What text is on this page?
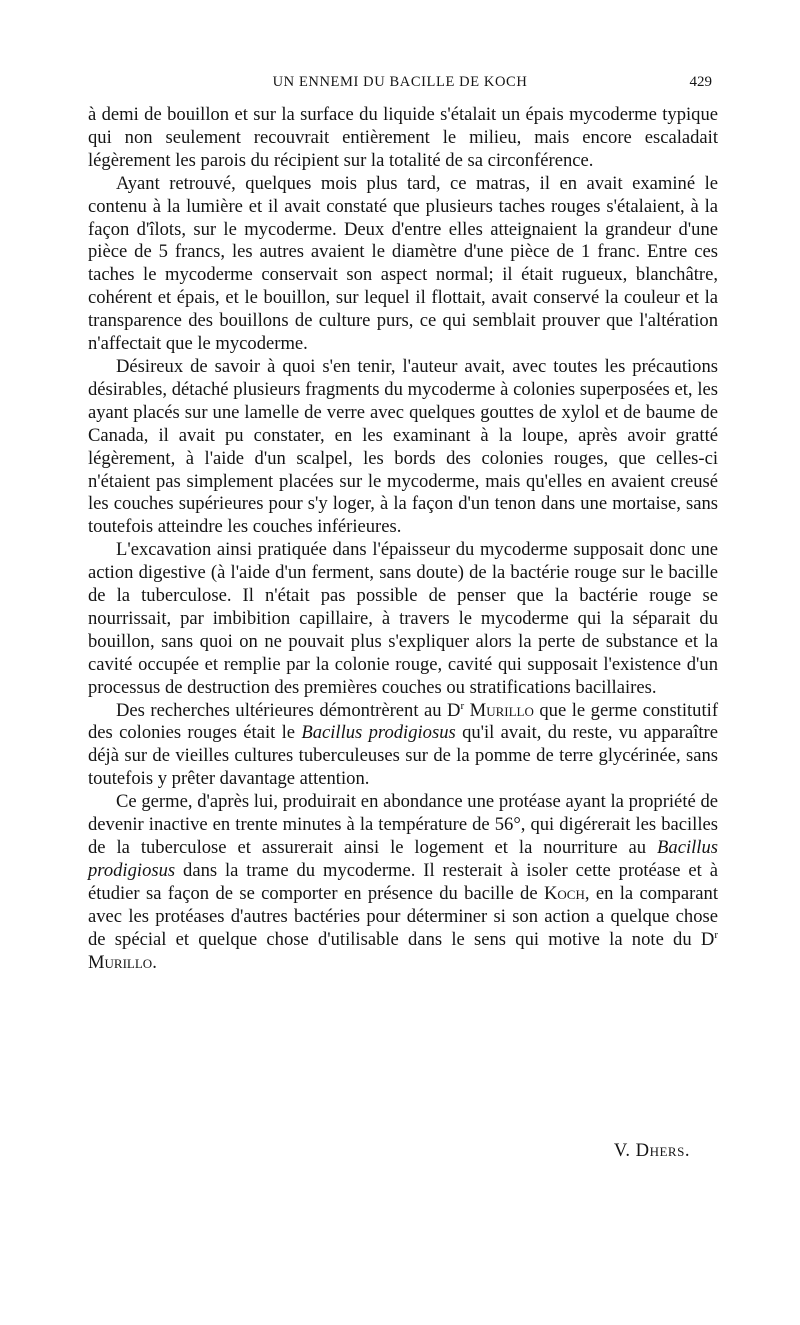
UN ENNEMI DU BACILLE DE KOCH	429

à demi de bouillon et sur la surface du liquide s'étalait un épais mycoderme typique qui non seulement recouvrait entièrement le milieu, mais encore escaladait légèrement les parois du récipient sur la totalité de sa circonférence.

Ayant retrouvé, quelques mois plus tard, ce matras, il en avait examiné le contenu à la lumière et il avait constaté que plusieurs taches rouges s'étalaient, à la façon d'îlots, sur le mycoderme. Deux d'entre elles atteignaient la grandeur d'une pièce de 5 francs, les autres avaient le diamètre d'une pièce de 1 franc. Entre ces taches le mycoderme conservait son aspect normal; il était rugueux, blanchâtre, cohérent et épais, et le bouillon, sur lequel il flottait, avait conservé la couleur et la transparence des bouillons de culture purs, ce qui semblait prouver que l'altération n'affectait que le mycoderme.

Désireux de savoir à quoi s'en tenir, l'auteur avait, avec toutes les précautions désirables, détaché plusieurs fragments du mycoderme à colonies superposées et, les ayant placés sur une lamelle de verre avec quelques gouttes de xylol et de baume de Canada, il avait pu constater, en les examinant à la loupe, après avoir gratté légèrement, à l'aide d'un scalpel, les bords des colonies rouges, que celles-ci n'étaient pas simplement placées sur le mycoderme, mais qu'elles en avaient creusé les couches supérieures pour s'y loger, à la façon d'un tenon dans une mortaise, sans toutefois atteindre les couches inférieures.

L'excavation ainsi pratiquée dans l'épaisseur du mycoderme supposait donc une action digestive (à l'aide d'un ferment, sans doute) de la bactérie rouge sur le bacille de la tuberculose. Il n'était pas possible de penser que la bactérie rouge se nourrissait, par imbibition capillaire, à travers le mycoderme qui la séparait du bouillon, sans quoi on ne pouvait plus s'expliquer alors la perte de substance et la cavité occupée et remplie par la colonie rouge, cavité qui supposait l'existence d'un processus de destruction des premières couches ou stratifications bacillaires.

Des recherches ultérieures démontrèrent au $D^r$ Murillo que le germe constitutif des colonies rouges était le Bacillus prodigiosus qu'il avait, du reste, vu apparaître déjà sur de vieilles cultures tuberculeuses sur de la pomme de terre glycérinée, sans toutefois y prêter davantage attention.

Ce germe, d'après lui, produirait en abondance une protéase ayant la propriété de devenir inactive en trente minutes à la température de 56°, qui digérerait les bacilles de la tuberculose et assurerait ainsi le logement et la nourriture au Bacillus prodigiosus dans la trame du mycoderme. Il resterait à isoler cette protéase et à étudier sa façon de se comporter en présence du bacille de Koch, en la comparant avec les protéases d'autres bactéries pour déterminer si son action a quelque chose de spécial et quelque chose d'utilisable dans le sens qui motive la note du $D^r$ Murillo.

V. Dhers.
